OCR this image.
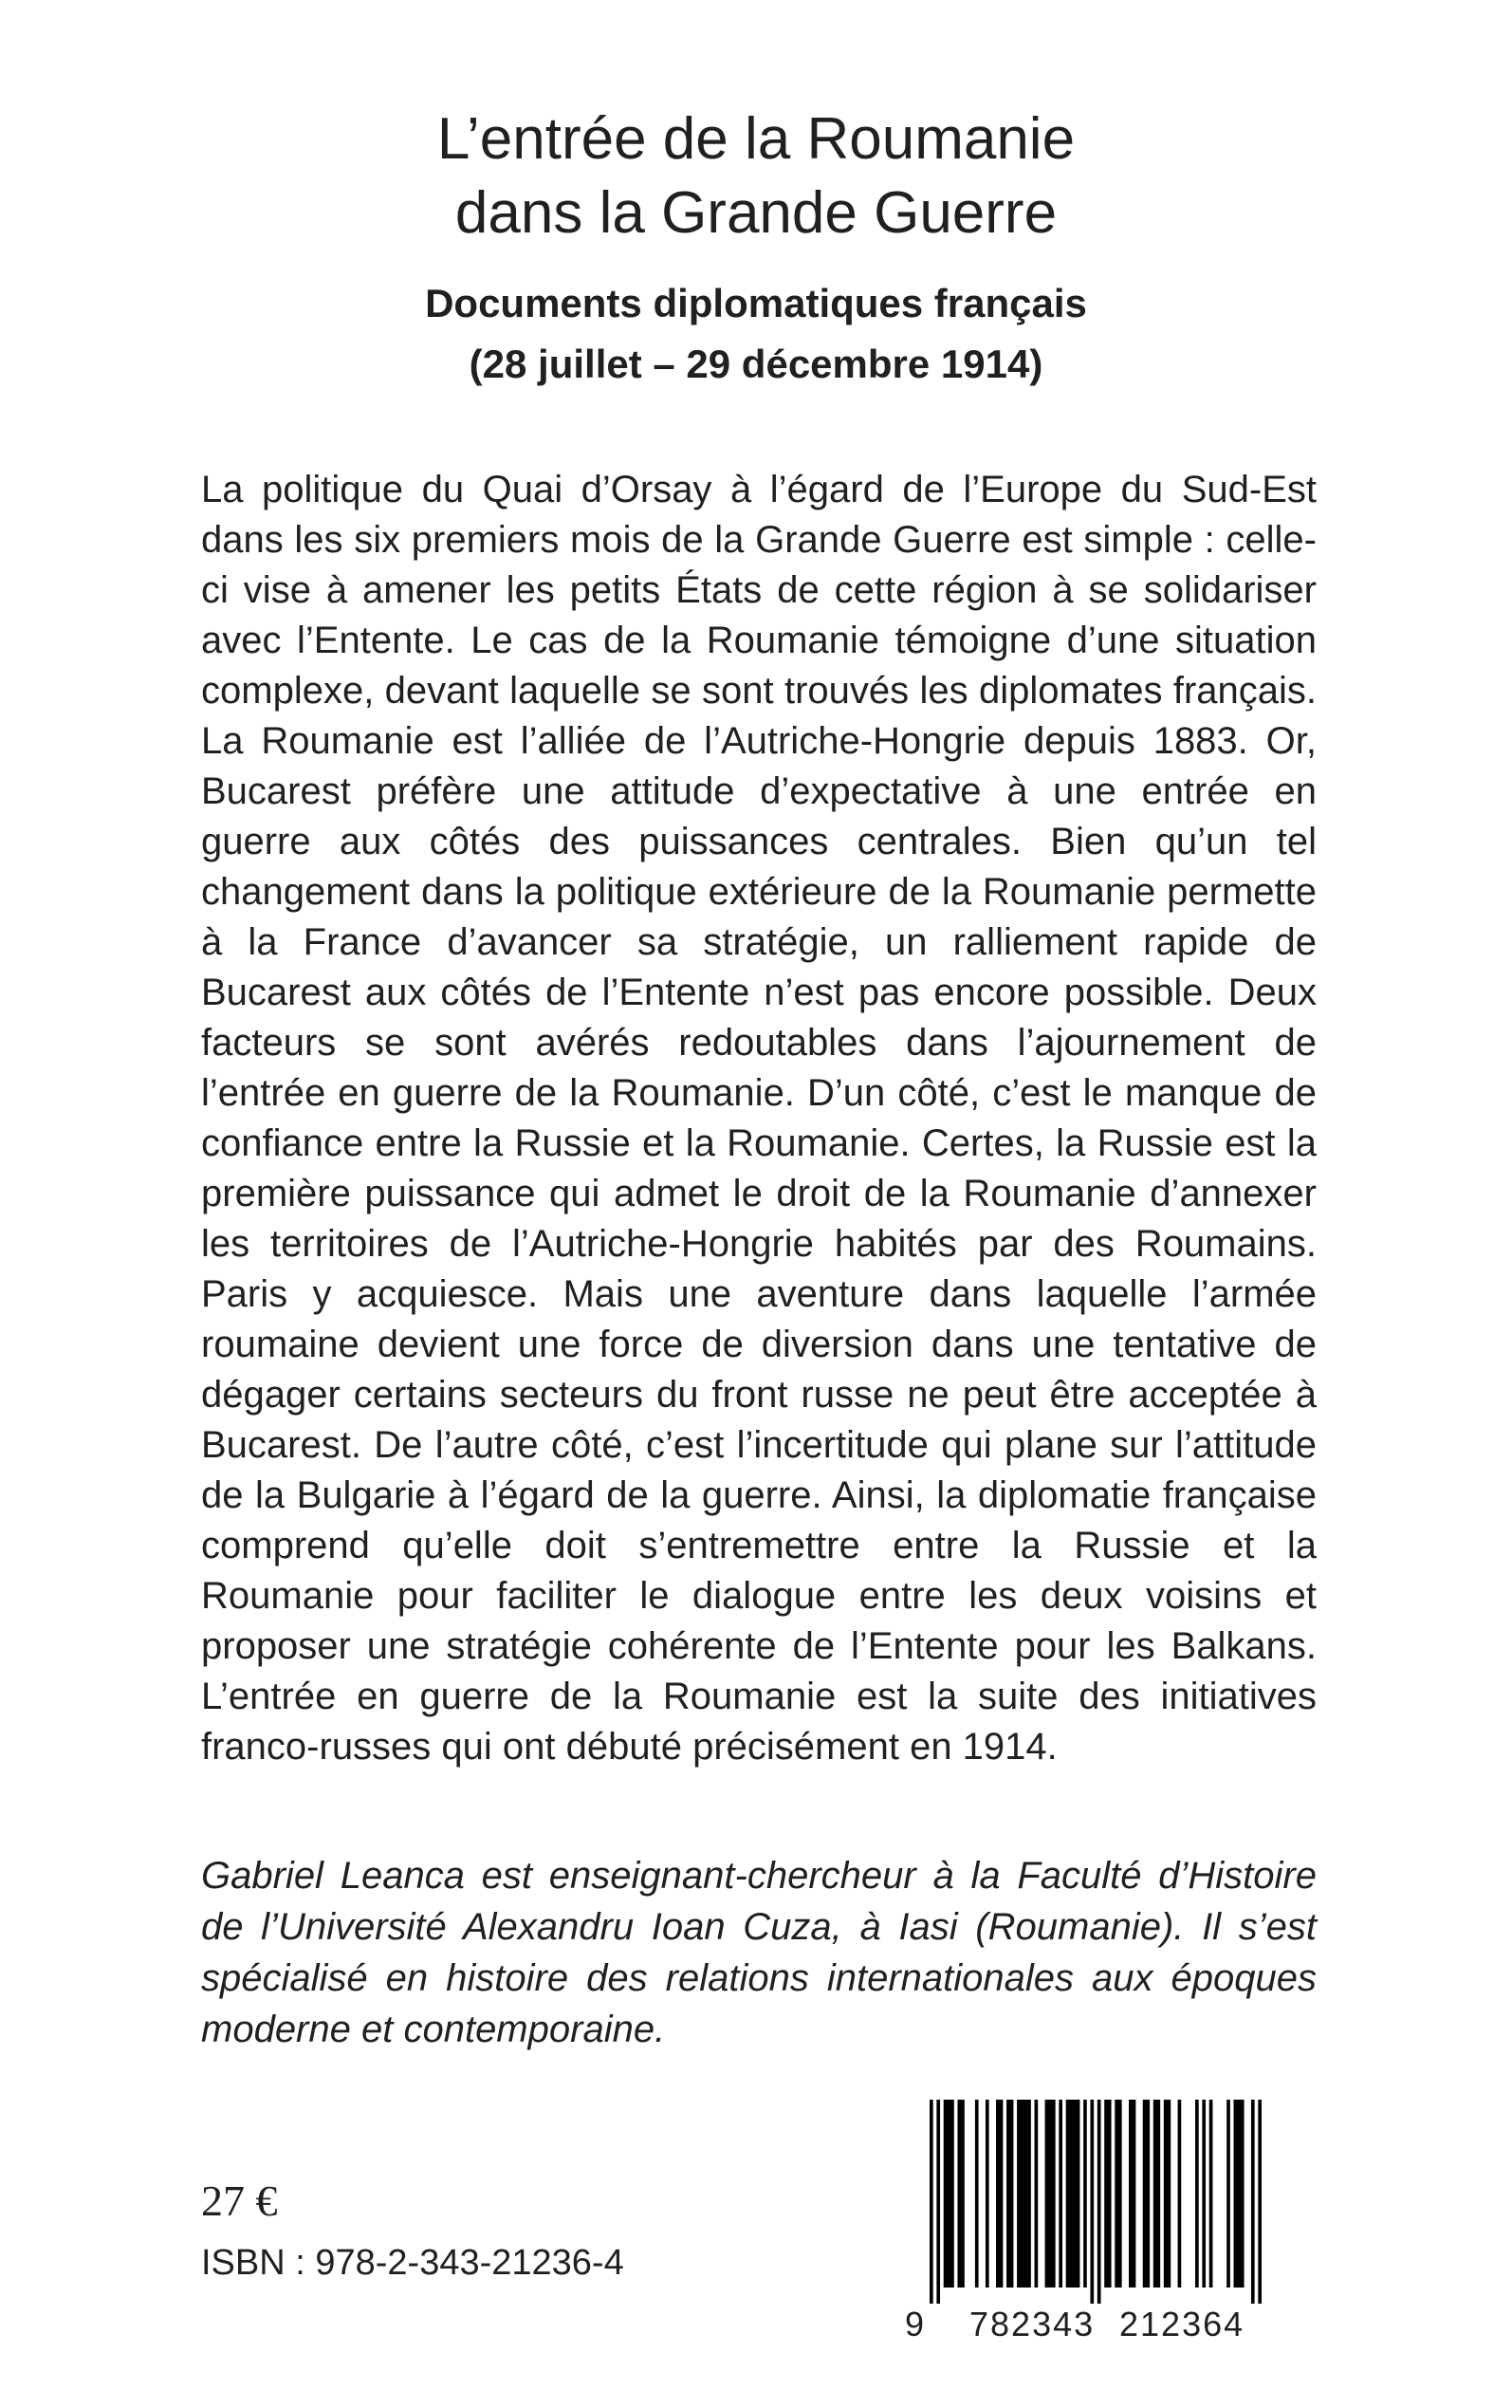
L’entrée de la Roumanie
dans la Grande Guerre
Documents diplomatiques français
(28 juillet – 29 décembre 1914)

La politique du Quai d’Orsay à l’égard de l’Europe du Sud-Est dans les six premiers mois de la Grande Guerre est simple : celleci vise à amener les petits États de cette région à se solidariser avec l’Entente. Le cas de la Roumanie témoigne d’une situation complexe, devant laquelle se sont trouvés les diplomates français. La Roumanie est l’alliée de l’Autriche-Hongrie depuis 1883. Or, Bucarest préfère une attitude d’expectative à une entrée en guerre aux côtés des puissances centrales. Bien qu’un tel changement dans la politique extérieure de la Roumanie permette à la France d’avancer sa stratégie, un ralliement rapide de Bucarest aux côtés de l’Entente n’est pas encore possible. Deux facteurs se sont avérés redoutables dans l’ajournement de l’entrée en guerre de la Roumanie. D’un côté, c’est le manque de confiance entre la Russie et la Roumanie. Certes, la Russie est la première puissance qui admet le droit de la Roumanie d’annexer les territoires de l’Autriche-Hongrie habités par des Roumains. Paris y acquiesce. Mais une aventure dans laquelle l’armée roumaine devient une force de diversion dans une tentative de dégager certains secteurs du front russe ne peut être acceptée à Bucarest. De l’autre côté, c’est l’incertitude qui plane sur l’attitude de la Bulgarie à l’égard de la guerre. Ainsi, la diplomatie française comprend qu’elle doit s’entremettre entre la Russie et la Roumanie pour faciliter le dialogue entre les deux voisins et proposer une stratégie cohérente de l’Entente pour les Balkans. L’entrée en guerre de la Roumanie est la suite des initiatives franco-russes qui ont débuté précisément en 1914.

Gabriel Leanca est enseignant-chercheur à la Faculté d’Histoire de l’Université Alexandru Ioan Cuza, à Iasi (Roumanie). Il s’est spécialisé en histoire des relations internationales aux époques moderne et contemporaine.

27 €

ISBN : 978-2-343-21236-4

9 782343 212364
